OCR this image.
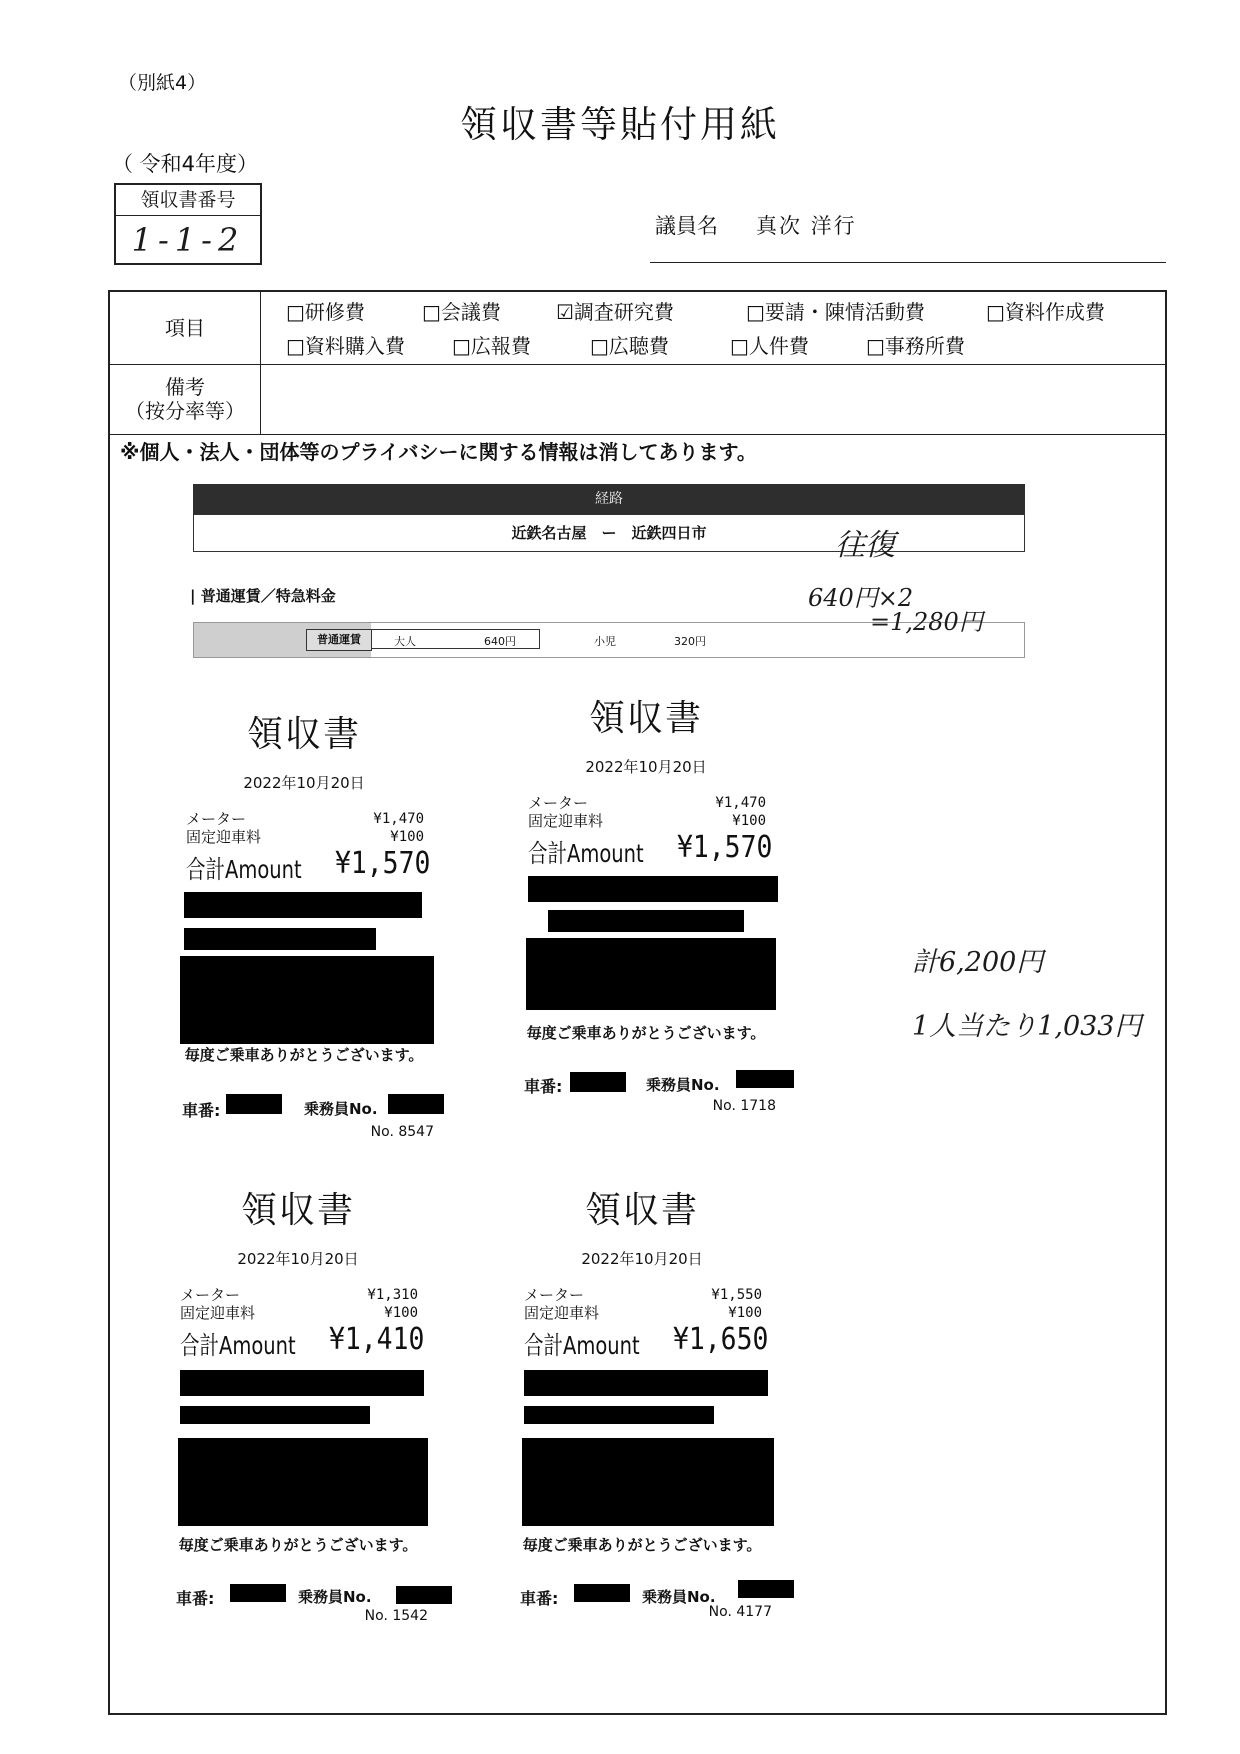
（別紙4）
領収書等貼付用紙
（ 令和4年度）
領収書番号
1-1-2	議員名 真次 洋行
項目
□研修費	□会議費	☑調査研究費	□要請・陳情活動費	□資料作成費
□資料購入費 □広報費	□広聴費	□人件費	□事務所費
備考
（按分率等）
※個人・法人・団体等のプライバシーに関する情報は消してあります。
経路
近鉄名古屋　ー　近鉄四日市
| 普通運賃／特急料金
普通運賃	大人	640円	小児	320円
往復
640円×2
=1,280円
計6,200円
1人当たり1,033円
領収書
2022年10月20日
メーター	¥1,470
固定迎車料	¥100
合計Amount ¥1,570
毎度ご乗車ありがとうございます。
車番:	乗務員No.
No. 8547
領収書
2022年10月20日
メーター	¥1,470
固定迎車料	¥100
合計Amount ¥1,570
毎度ご乗車ありがとうございます。
車番:	乗務員No.
No. 1718
領収書
2022年10月20日
メーター	¥1,310
固定迎車料	¥100
合計Amount ¥1,410
毎度ご乗車ありがとうございます。
車番:	乗務員No.
No. 1542
領収書
2022年10月20日
メーター	¥1,550
固定迎車料	¥100
合計Amount ¥1,650
毎度ご乗車ありがとうございます。
車番:	乗務員No.
No. 4177
